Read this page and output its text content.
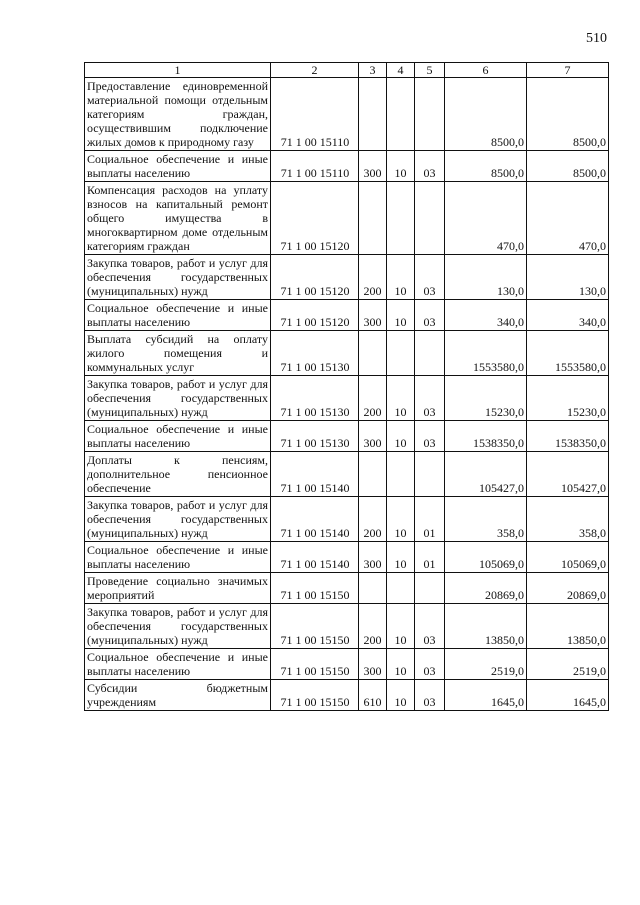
510
1	2	3	4	5	6	7
Предоставление единовременной материальной помощи отдельным категориям граждан, осуществившим подключение жилых домов к природному газу	71 1 00 15110				8500,0	8500,0
Социальное обеспечение и иные выплаты населению	71 1 00 15110	300	10	03	8500,0	8500,0
Компенсация расходов на уплату взносов на капитальный ремонт общего имущества в многоквартирном доме отдельным категориям граждан	71 1 00 15120				470,0	470,0
Закупка товаров, работ и услуг для обеспечения государственных (муниципальных) нужд	71 1 00 15120	200	10	03	130,0	130,0
Социальное обеспечение и иные выплаты населению	71 1 00 15120	300	10	03	340,0	340,0
Выплата субсидий на оплату жилого помещения и коммунальных услуг	71 1 00 15130				1553580,0	1553580,0
Закупка товаров, работ и услуг для обеспечения государственных (муниципальных) нужд	71 1 00 15130	200	10	03	15230,0	15230,0
Социальное обеспечение и иные выплаты населению	71 1 00 15130	300	10	03	1538350,0	1538350,0
Доплаты к пенсиям, дополнительное пенсионное обеспечение	71 1 00 15140				105427,0	105427,0
Закупка товаров, работ и услуг для обеспечения государственных (муниципальных) нужд	71 1 00 15140	200	10	01	358,0	358,0
Социальное обеспечение и иные выплаты населению	71 1 00 15140	300	10	01	105069,0	105069,0
Проведение социально значимых мероприятий	71 1 00 15150				20869,0	20869,0
Закупка товаров, работ и услуг для обеспечения государственных (муниципальных) нужд	71 1 00 15150	200	10	03	13850,0	13850,0
Социальное обеспечение и иные выплаты населению	71 1 00 15150	300	10	03	2519,0	2519,0
Субсидии бюджетным учреждениям	71 1 00 15150	610	10	03	1645,0	1645,0
